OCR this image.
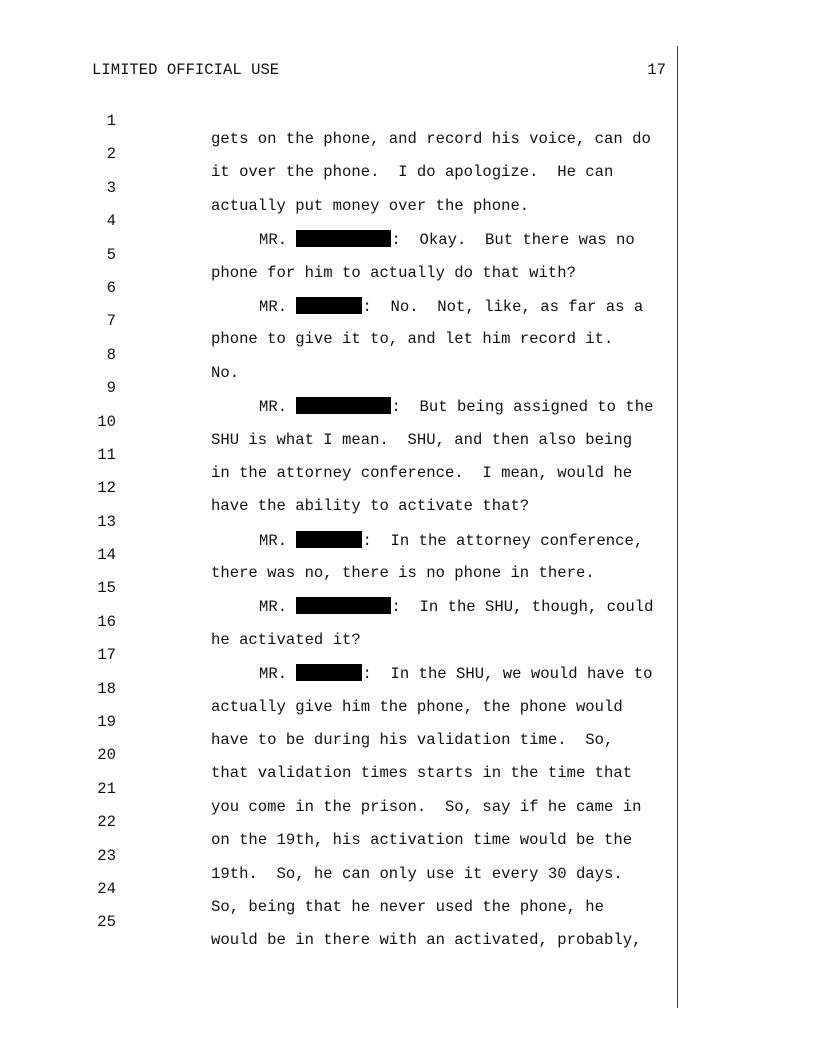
LIMITED OFFICIAL USE	17

1

gets on the phone, and record his voice, can do

2

it over the phone.  I do apologize.  He can

3

actually put money over the phone.

4

MR.	:  Okay.  But there was no

5

phone for him to actually do that with?

6

MR.	:  No.  Not, like, as far as a

7

phone to give it to, and let him record it.

8

No.

9

MR.	:  But being assigned to the

10

SHU is what I mean.  SHU, and then also being

11

in the attorney conference.  I mean, would he

12

have the ability to activate that?

13

MR.	:  In the attorney conference,

14

there was no, there is no phone in there.

15

MR.	:  In the SHU, though, could

16

he activated it?

17

MR.	:  In the SHU, we would have to

18

actually give him the phone, the phone would

19

have to be during his validation time.  So,

20

that validation times starts in the time that

21

you come in the prison.  So, say if he came in

22

on the 19th, his activation time would be the

23

19th.  So, he can only use it every 30 days.

24

So, being that he never used the phone, he

25

would be in there with an activated, probably,
